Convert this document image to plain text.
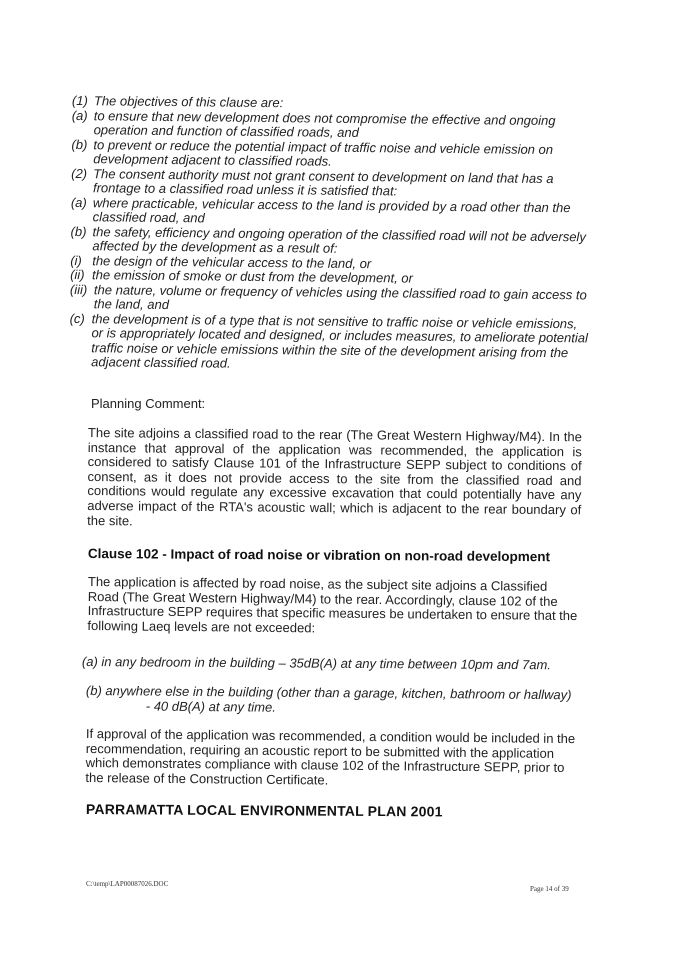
(1) The objectives of this clause are:
(a) to ensure that new development does not compromise the effective and ongoing operation and function of classified roads, and
(b) to prevent or reduce the potential impact of traffic noise and vehicle emission on development adjacent to classified roads.
(2) The consent authority must not grant consent to development on land that has a frontage to a classified road unless it is satisfied that:
(a) where practicable, vehicular access to the land is provided by a road other than the classified road, and
(b) the safety, efficiency and ongoing operation of the classified road will not be adversely affected by the development as a result of:
(i) the design of the vehicular access to the land, or
(ii) the emission of smoke or dust from the development, or
(iii) the nature, volume or frequency of vehicles using the classified road to gain access to the land, and
(c) the development is of a type that is not sensitive to traffic noise or vehicle emissions, or is appropriately located and designed, or includes measures, to ameliorate potential traffic noise or vehicle emissions within the site of the development arising from the adjacent classified road.
Planning Comment:
The site adjoins a classified road to the rear (The Great Western Highway/M4). In the instance that approval of the application was recommended, the application is considered to satisfy Clause 101 of the Infrastructure SEPP subject to conditions of consent, as it does not provide access to the site from the classified road and conditions would regulate any excessive excavation that could potentially have any adverse impact of the RTA's acoustic wall; which is adjacent to the rear boundary of the site.
Clause 102 - Impact of road noise or vibration on non-road development
The application is affected by road noise, as the subject site adjoins a Classified Road (The Great Western Highway/M4) to the rear. Accordingly, clause 102 of the Infrastructure SEPP requires that specific measures be undertaken to ensure that the following Laeq levels are not exceeded:
(a) in any bedroom in the building – 35dB(A) at any time between 10pm and 7am.
(b) anywhere else in the building (other than a garage, kitchen, bathroom or hallway)
- 40 dB(A) at any time.
If approval of the application was recommended, a condition would be included in the recommendation, requiring an acoustic report to be submitted with the application which demonstrates compliance with clause 102 of the Infrastructure SEPP, prior to the release of the Construction Certificate.
PARRAMATTA LOCAL ENVIRONMENTAL PLAN 2001
C:\temp\LAP00087026.DOC
Page 14 of 39
